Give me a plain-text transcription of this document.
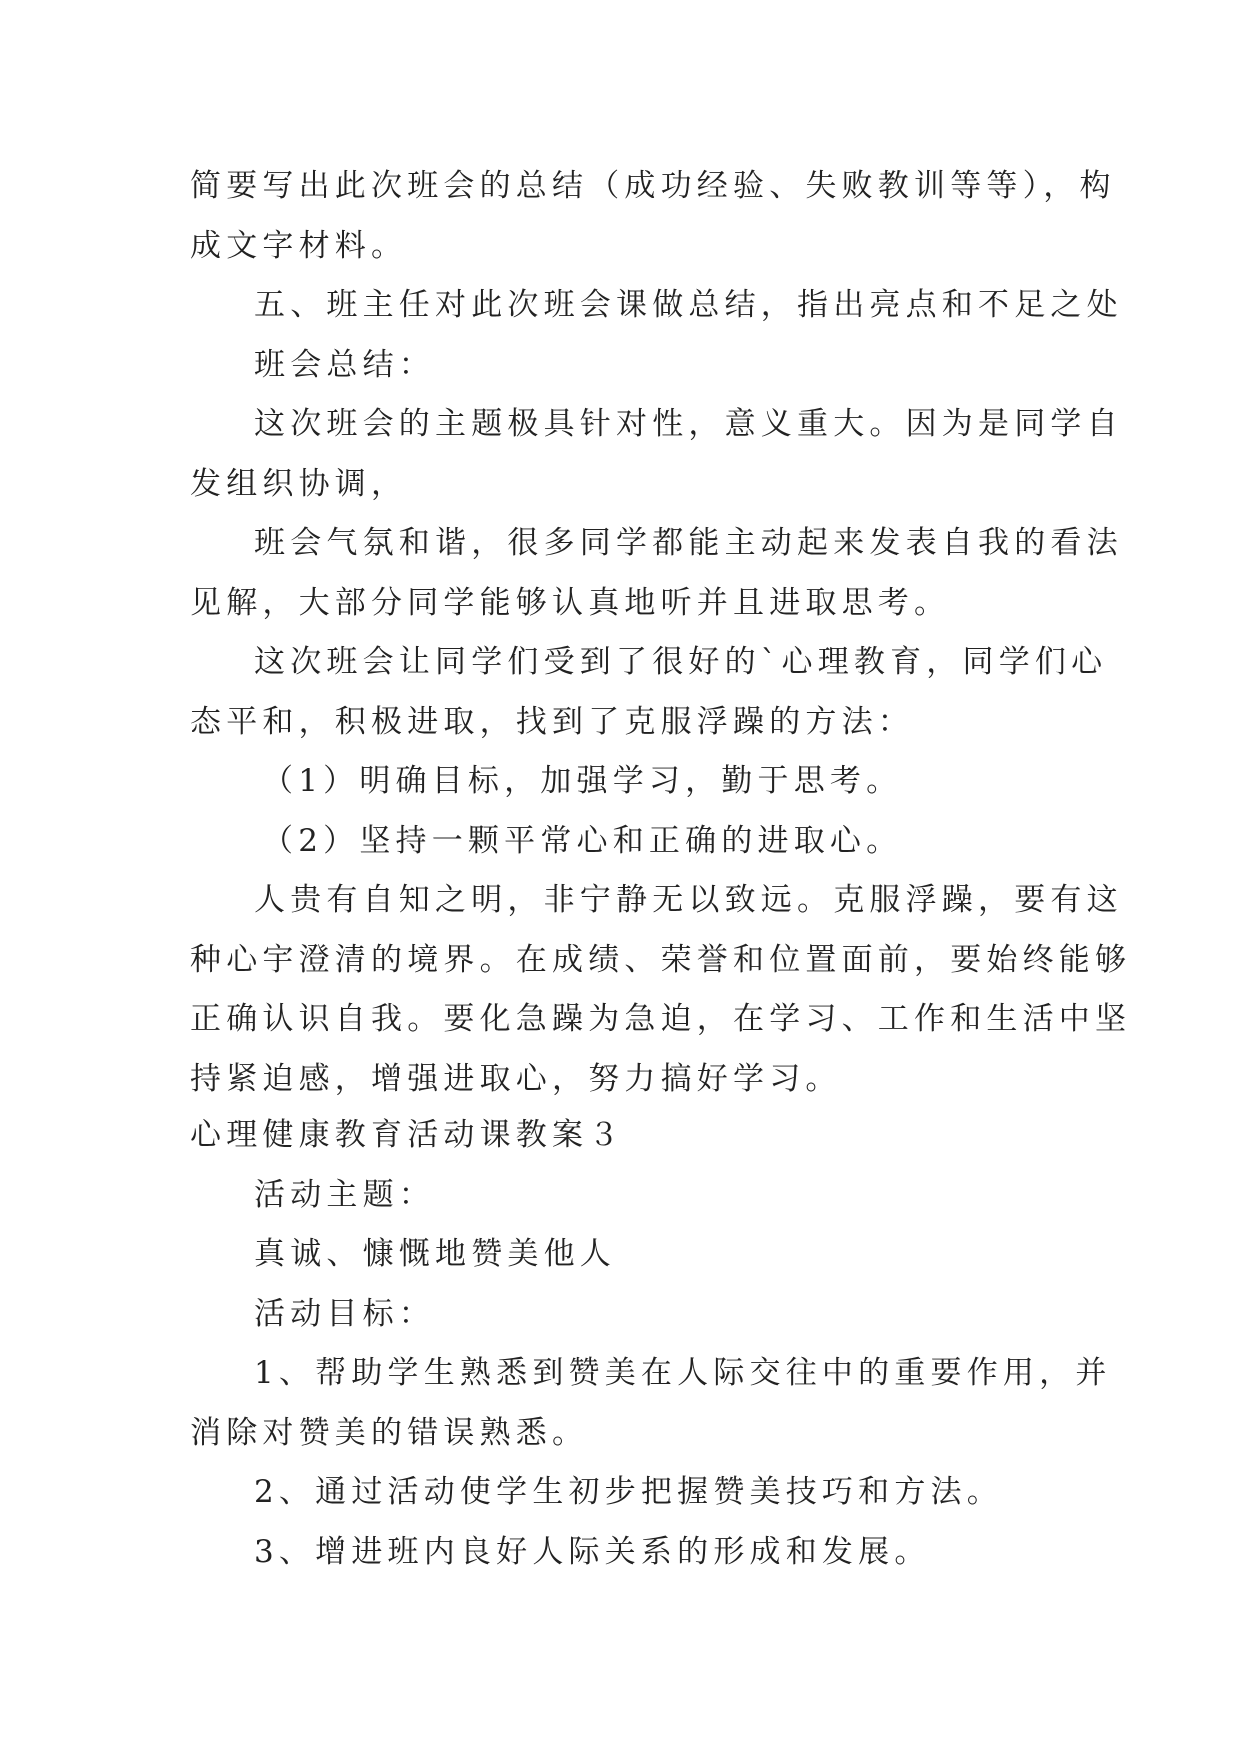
简要写出此次班会的总结（成功经验、失败教训等等），构
成文字材料。
五、班主任对此次班会课做总结，指出亮点和不足之处
班会总结：
这次班会的主题极具针对性，意义重大。因为是同学自
发组织协调，
班会气氛和谐，很多同学都能主动起来发表自我的看法
见解，大部分同学能够认真地听并且进取思考。
这次班会让同学们受到了很好的`心理教育，同学们心
态平和，积极进取，找到了克服浮躁的方法：
（1）明确目标，加强学习，勤于思考。
（2）坚持一颗平常心和正确的进取心。
人贵有自知之明，非宁静无以致远。克服浮躁，要有这
种心宇澄清的境界。在成绩、荣誉和位置面前，要始终能够
正确认识自我。要化急躁为急迫，在学习、工作和生活中坚
持紧迫感，增强进取心，努力搞好学习。
心理健康教育活动课教案３
活动主题：
真诚、慷慨地赞美他人
活动目标：
1、帮助学生熟悉到赞美在人际交往中的重要作用，并
消除对赞美的错误熟悉。
2、通过活动使学生初步把握赞美技巧和方法。
3、增进班内良好人际关系的形成和发展。
